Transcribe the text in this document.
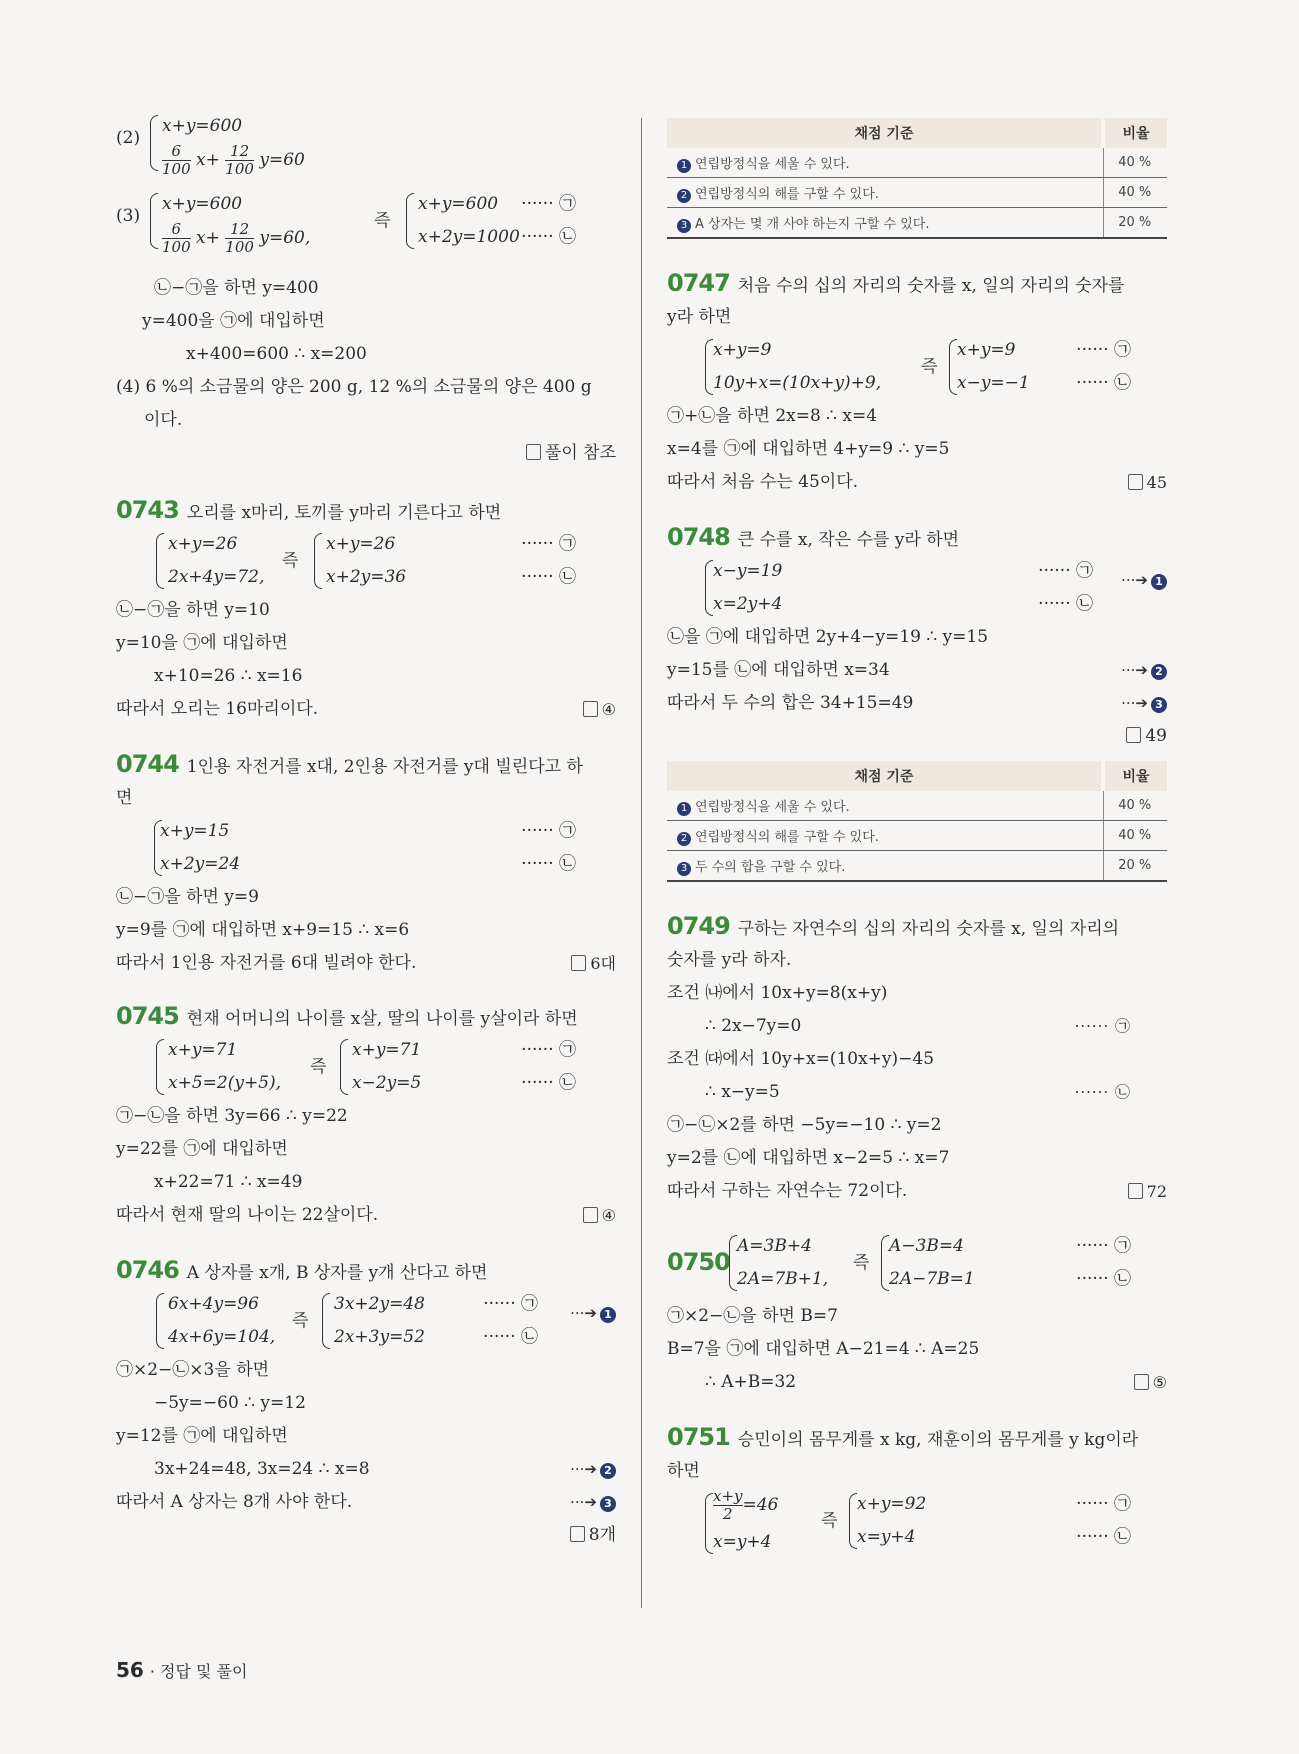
(2)
x+y=600
$\frac{6}{100} x+ \frac{12}{100} y=60$
(3)
x+y=600
$\frac{6}{100} x+ \frac{12}{100} y=60$,
즉
x+y=600
x+2y=1000
······ ㉠
······ ㉡
㉡−㉠을 하면 y=400
y=400을 ㉠에 대입하면
x+400=600 ∴ x=200
(4) 6 %의 소금물의 양은 200 g, 12 %의 소금물의 양은 400 g
이다.
풀이 참조
0743 오리를 x마리, 토끼를 y마리 기른다고 하면
x+y=26
2x+4y=72,
즉
x+y=26
x+2y=36
······ ㉠
······ ㉡
㉡−㉠을 하면 y=10
y=10을 ㉠에 대입하면
x+10=26 ∴ x=16
따라서 오리는 16마리이다.	④
0744 1인용 자전거를 x대, 2인용 자전거를 y대 빌린다고 하
면
x+y=15
x+2y=24
······ ㉠
······ ㉡
㉡−㉠을 하면 y=9
y=9를 ㉠에 대입하면 x+9=15 ∴ x=6
따라서 1인용 자전거를 6대 빌려야 한다.	6대
0745 현재 어머니의 나이를 x살, 딸의 나이를 y살이라 하면
x+y=71
x+5=2(y+5),
즉
x+y=71
x−2y=5
······ ㉠
······ ㉡
㉠−㉡을 하면 3y=66 ∴ y=22
y=22를 ㉠에 대입하면
x+22=71 ∴ x=49
따라서 현재 딸의 나이는 22살이다.	④
0746 A 상자를 x개, B 상자를 y개 산다고 하면
6x+4y=96
4x+6y=104,
즉
3x+2y=48
2x+3y=52
······ ㉠
······ ㉡
···➔ 1
㉠×2−㉡×3을 하면
−5y=−60 ∴ y=12
y=12를 ㉠에 대입하면
3x+24=48, 3x=24 ∴ x=8	···➔ 2
따라서 A 상자는 8개 사야 한다.	···➔ 3
8개
채점 기준	비율
1 연립방정식을 세울 수 있다.	40 %
2 연립방정식의 해를 구할 수 있다.	40 %
3 A 상자는 몇 개 사야 하는지 구할 수 있다.	20 %
0747 처음 수의 십의 자리의 숫자를 x, 일의 자리의 숫자를
y라 하면
x+y=9
10y+x=(10x+y)+9,
즉
x+y=9
x−y=−1
······ ㉠
······ ㉡
㉠+㉡을 하면 2x=8 ∴ x=4
x=4를 ㉠에 대입하면 4+y=9 ∴ y=5
따라서 처음 수는 45이다.	45
0748 큰 수를 x, 작은 수를 y라 하면
x−y=19
x=2y+4
······ ㉠
······ ㉡
···➔ 1
㉡을 ㉠에 대입하면 2y+4−y=19 ∴ y=15
y=15를 ㉡에 대입하면 x=34	···➔ 2
따라서 두 수의 합은 34+15=49	···➔ 3
49
채점 기준	비율
1 연립방정식을 세울 수 있다.	40 %
2 연립방정식의 해를 구할 수 있다.	40 %
3 두 수의 합을 구할 수 있다.	20 %
0749 구하는 자연수의 십의 자리의 숫자를 x, 일의 자리의
숫자를 y라 하자.
조건 ㈏에서 10x+y=8(x+y)
∴ 2x−7y=0	······ ㉠
조건 ㈐에서 10y+x=(10x+y)−45
∴ x−y=5	······ ㉡
㉠−㉡×2를 하면 −5y=−10 ∴ y=2
y=2를 ㉡에 대입하면 x−2=5 ∴ x=7
따라서 구하는 자연수는 72이다.	72
0750
A=3B+4
2A=7B+1,
즉
A−3B=4
2A−7B=1
······ ㉠
······ ㉡
㉠×2−㉡을 하면 B=7
B=7을 ㉠에 대입하면 A−21=4 ∴ A=25
∴ A+B=32	⑤
0751 승민이의 몸무게를 x kg, 재훈이의 몸무게를 y kg이라
하면
$\frac{x+y}{2} =46$
x=y+4
즉
x+y=92
x=y+4
······ ㉠
······ ㉡
56 · 정답 및 풀이
